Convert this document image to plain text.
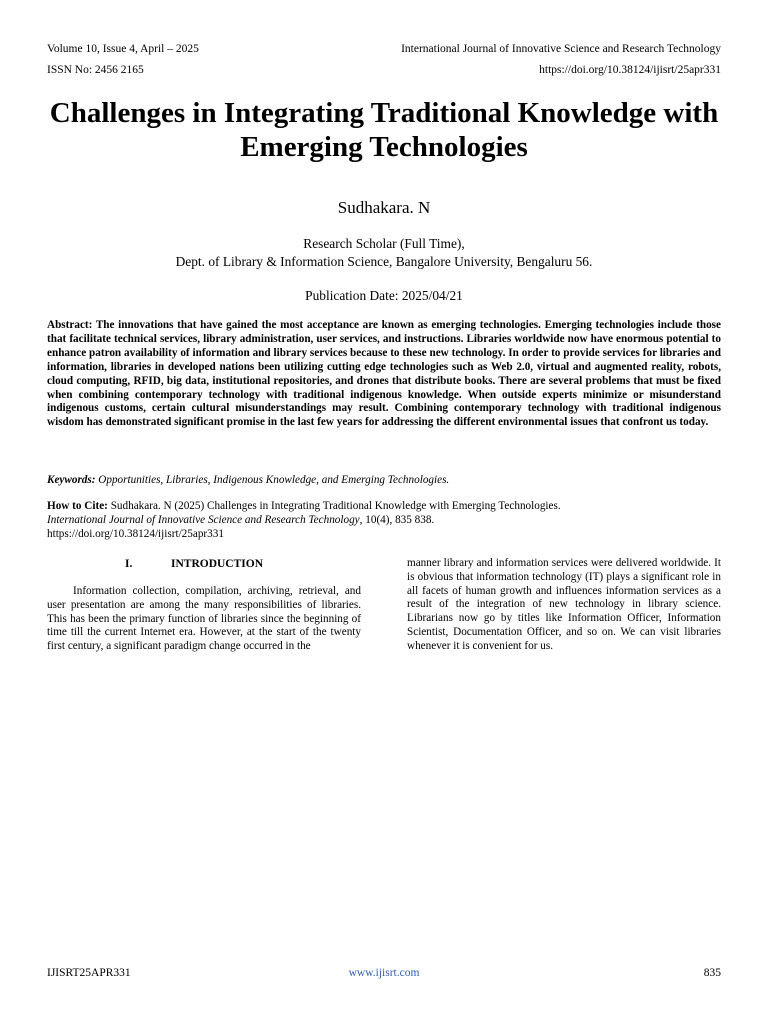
Volume 10, Issue 4, April – 2025	International Journal of Innovative Science and Research Technology
ISSN No: 2456 2165	https://doi.org/10.38124/ijisrt/25apr331
Challenges in Integrating Traditional Knowledge with Emerging Technologies
Sudhakara. N
Research Scholar (Full Time),
Dept. of Library & Information Science, Bangalore University, Bengaluru 56.
Publication Date: 2025/04/21
Abstract: The innovations that have gained the most acceptance are known as emerging technologies. Emerging technologies include those that facilitate technical services, library administration, user services, and instructions. Libraries worldwide now have enormous potential to enhance patron availability of information and library services because to these new technology. In order to provide services for libraries and information, libraries in developed nations been utilizing cutting edge technologies such as Web 2.0, virtual and augmented reality, robots, cloud computing, RFID, big data, institutional repositories, and drones that distribute books. There are several problems that must be fixed when combining contemporary technology with traditional indigenous knowledge. When outside experts minimize or misunderstand indigenous customs, certain cultural misunderstandings may result. Combining contemporary technology with traditional indigenous wisdom has demonstrated significant promise in the last few years for addressing the different environmental issues that confront us today.
Keywords: Opportunities, Libraries, Indigenous Knowledge, and Emerging Technologies.
How to Cite: Sudhakara. N (2025) Challenges in Integrating Traditional Knowledge with Emerging Technologies.
International Journal of Innovative Science and Research Technology, 10(4), 835 838.
https://doi.org/10.38124/ijisrt/25apr331
I.	INTRODUCTION

Information collection, compilation, archiving, retrieval, and user presentation are among the many responsibilities of libraries. This has been the primary function of libraries since the beginning of time till the current Internet era. However, at the start of the twenty first century, a significant paradigm change occurred in the

manner library and information services were delivered worldwide. It is obvious that information technology (IT) plays a significant role in all facets of human growth and influences information services as a result of the integration of new technology in library science. Librarians now go by titles like Information Officer, Information Scientist, Documentation Officer, and so on. We can visit libraries whenever it is convenient for us.

IJISRT25APR331	www.ijisrt.com	835
